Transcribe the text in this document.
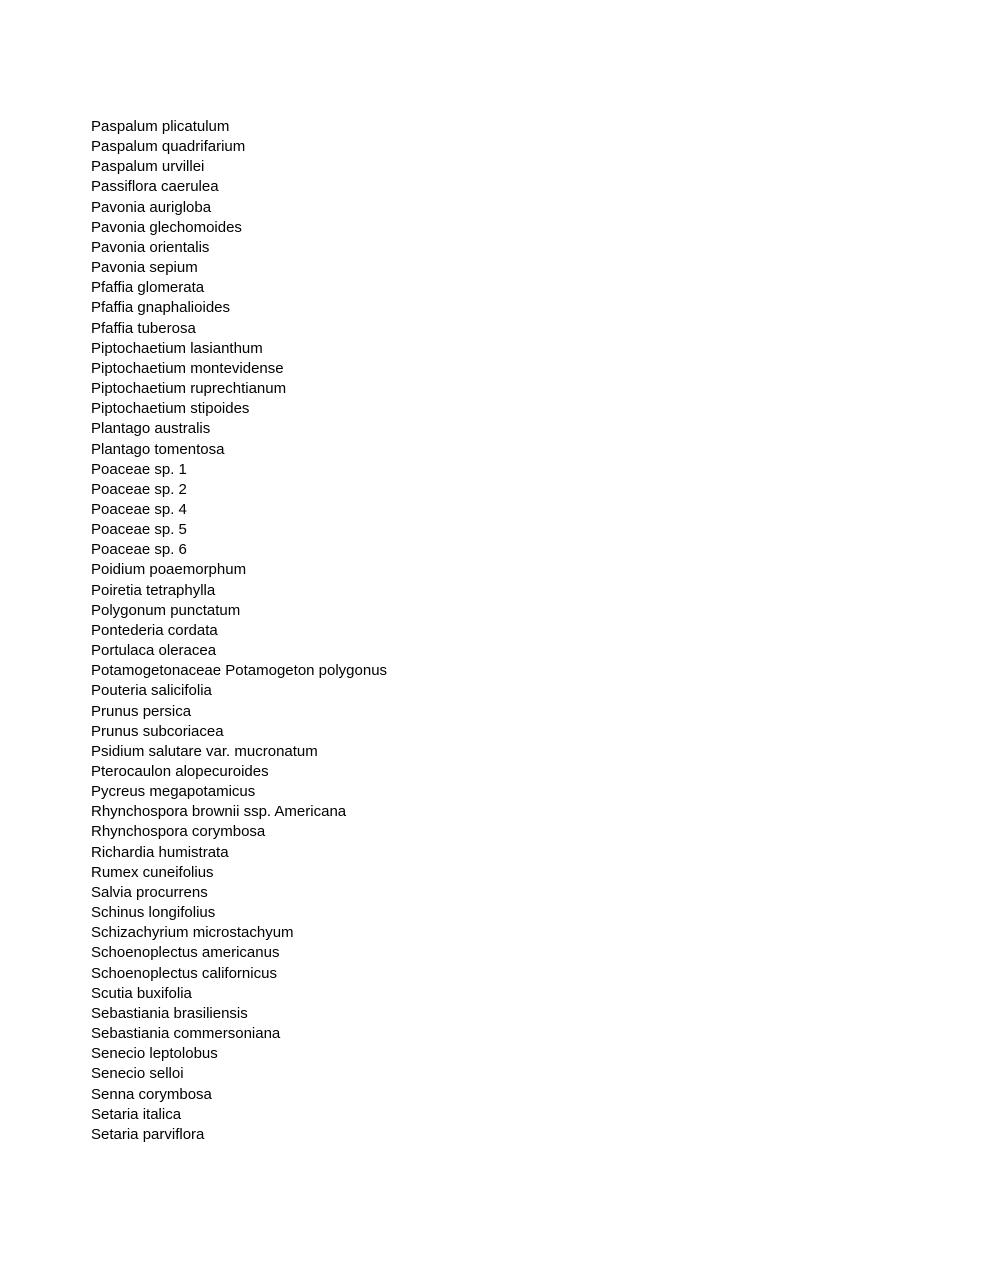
Paspalum plicatulum
Paspalum quadrifarium
Paspalum urvillei
Passiflora caerulea
Pavonia aurigloba
Pavonia glechomoides
Pavonia orientalis
Pavonia sepium
Pfaffia glomerata
Pfaffia gnaphalioides
Pfaffia tuberosa
Piptochaetium lasianthum
Piptochaetium montevidense
Piptochaetium ruprechtianum
Piptochaetium stipoides
Plantago australis
Plantago tomentosa
Poaceae sp. 1
Poaceae sp. 2
Poaceae sp. 4
Poaceae sp. 5
Poaceae sp. 6
Poidium poaemorphum
Poiretia tetraphylla
Polygonum punctatum
Pontederia cordata
Portulaca oleracea
Potamogetonaceae Potamogeton polygonus
Pouteria salicifolia
Prunus persica
Prunus subcoriacea
Psidium salutare var. mucronatum
Pterocaulon alopecuroides
Pycreus megapotamicus
Rhynchospora brownii ssp. Americana
Rhynchospora corymbosa
Richardia humistrata
Rumex cuneifolius
Salvia procurrens
Schinus longifolius
Schizachyrium microstachyum
Schoenoplectus americanus
Schoenoplectus californicus
Scutia buxifolia
Sebastiania brasiliensis
Sebastiania commersoniana
Senecio leptolobus
Senecio selloi
Senna corymbosa
Setaria italica
Setaria parviflora
